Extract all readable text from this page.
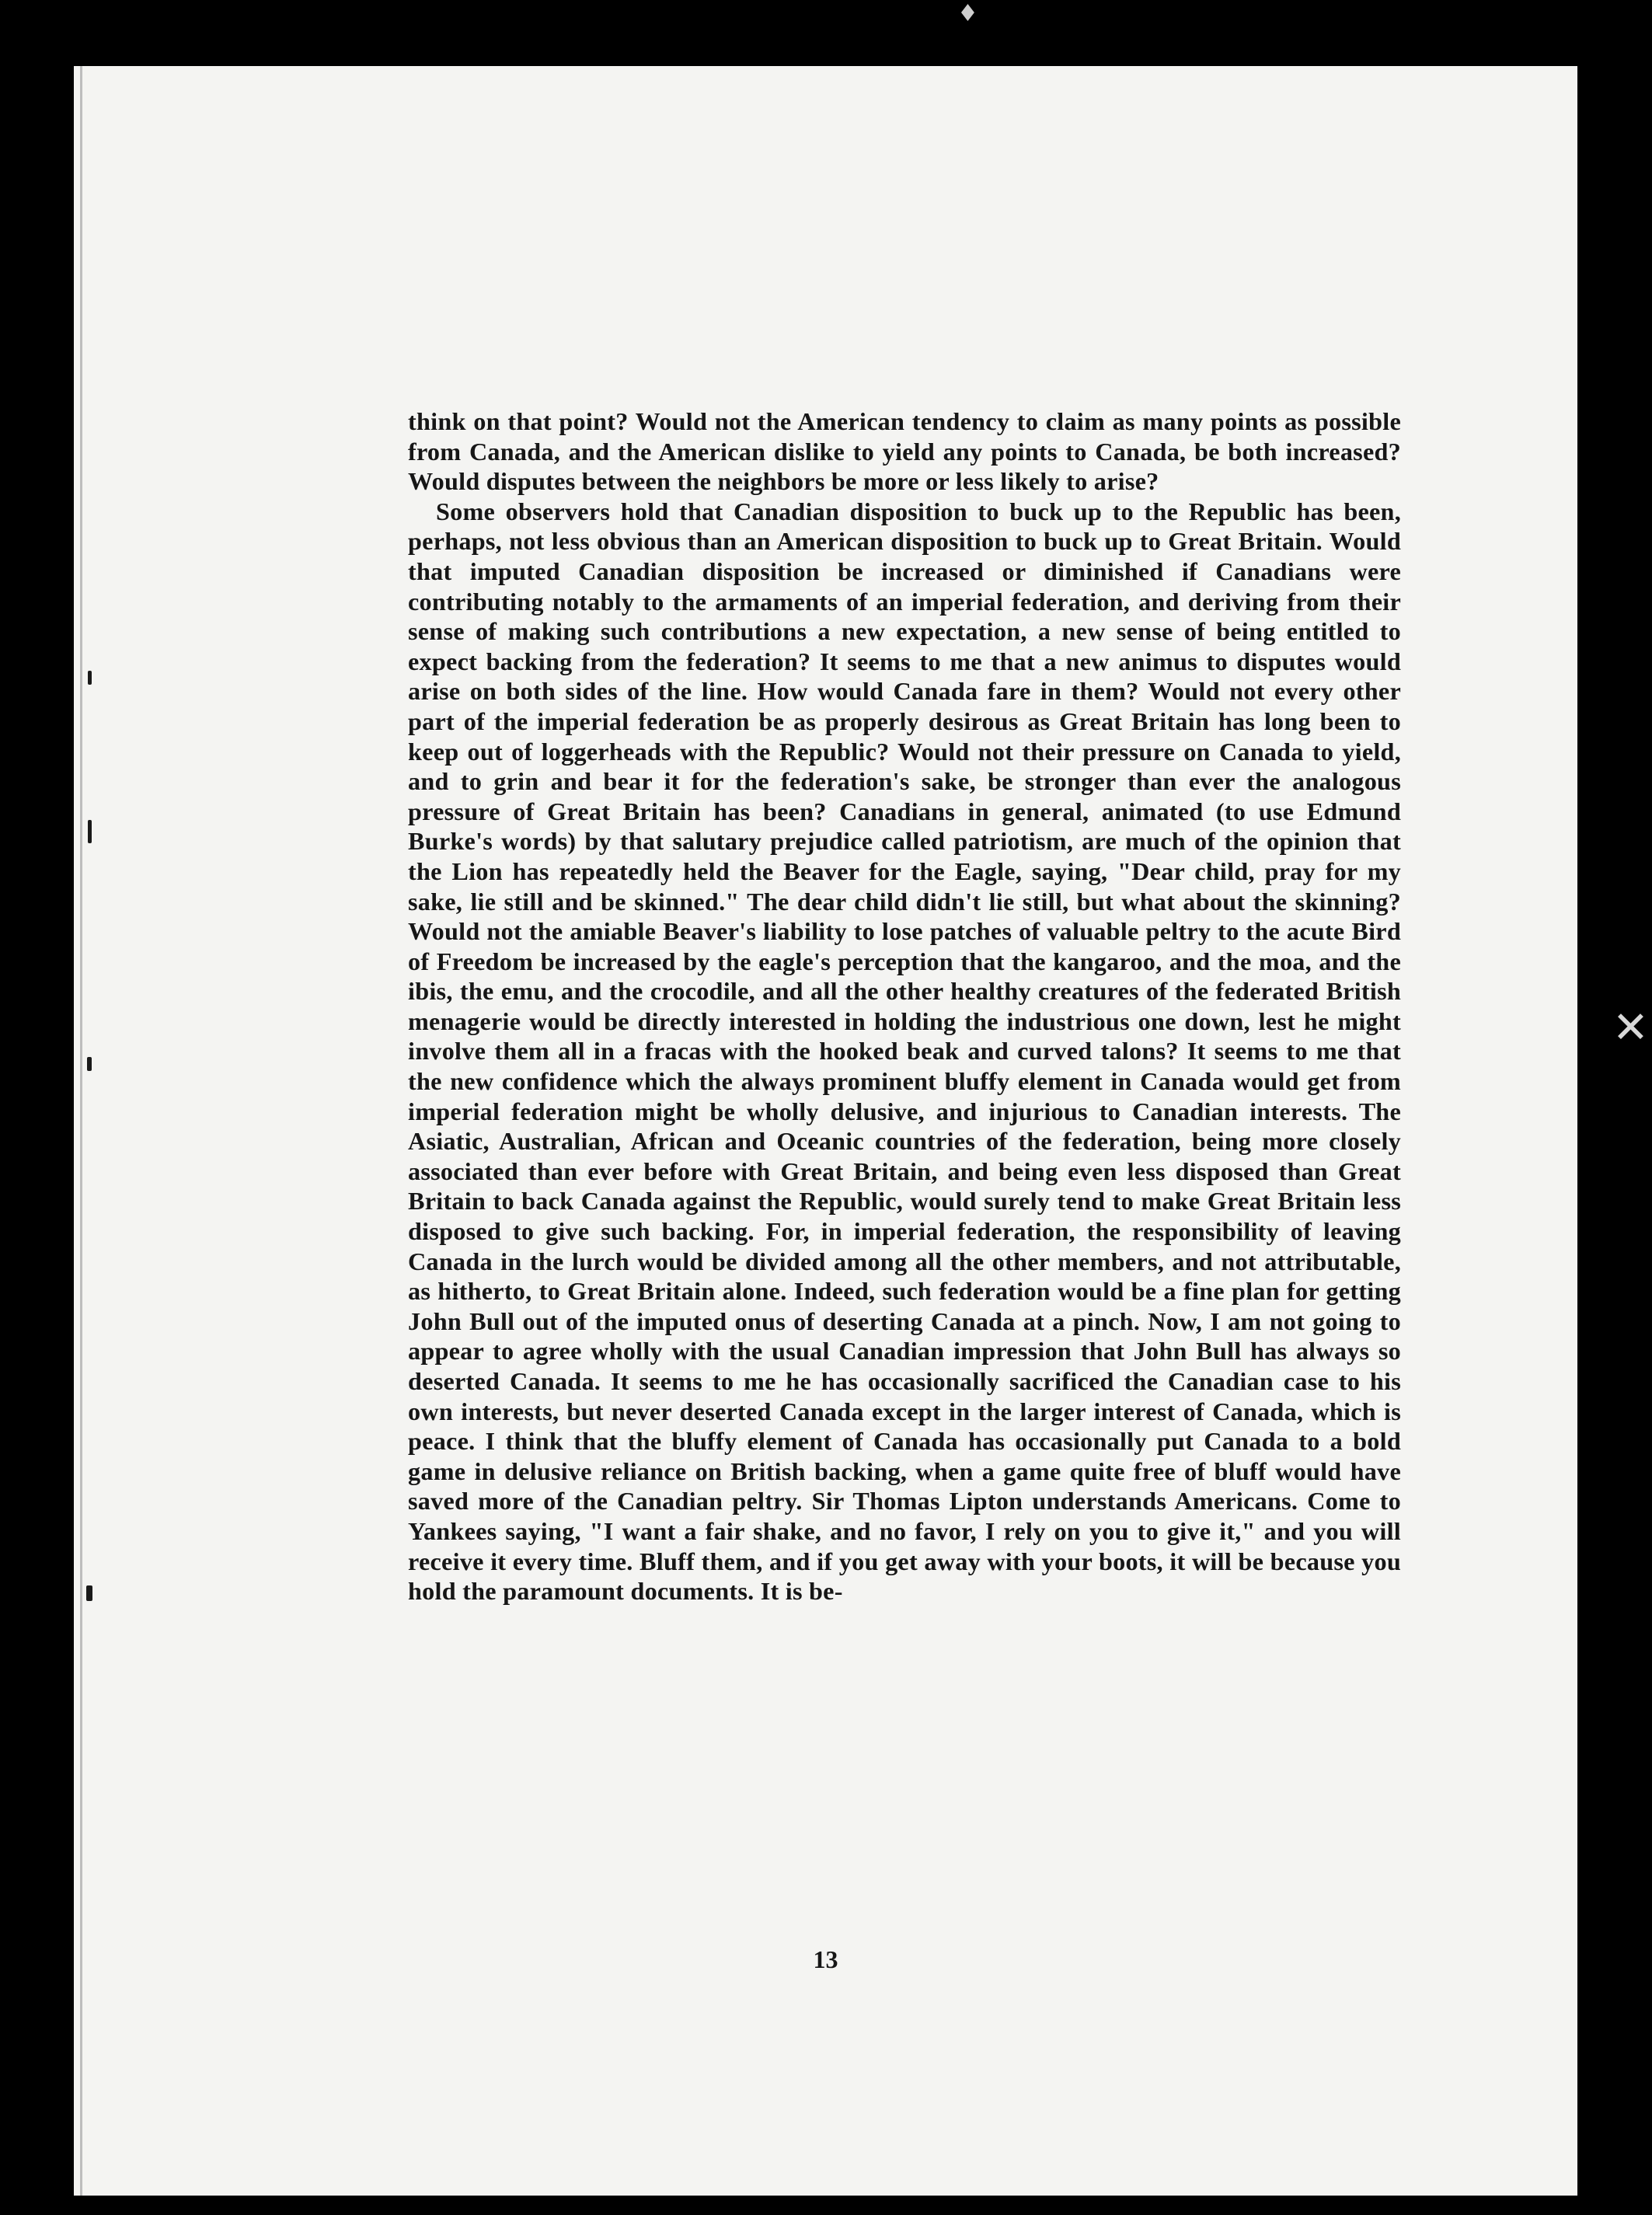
think on that point? Would not the American tendency to claim as many points as possible from Canada, and the American dislike to yield any points to Canada, be both increased? Would disputes between the neighbors be more or less likely to arise?

Some observers hold that Canadian disposition to buck up to the Republic has been, perhaps, not less obvious than an American disposition to buck up to Great Britain. Would that imputed Canadian disposition be increased or diminished if Canadians were contributing notably to the armaments of an imperial federation, and deriving from their sense of making such contributions a new expectation, a new sense of being entitled to expect backing from the federation? It seems to me that a new animus to disputes would arise on both sides of the line. How would Canada fare in them? Would not every other part of the imperial federation be as properly desirous as Great Britain has long been to keep out of loggerheads with the Republic? Would not their pressure on Canada to yield, and to grin and bear it for the federation's sake, be stronger than ever the analogous pressure of Great Britain has been? Canadians in general, animated (to use Edmund Burke's words) by that salutary prejudice called patriotism, are much of the opinion that the Lion has repeatedly held the Beaver for the Eagle, saying, "Dear child, pray for my sake, lie still and be skinned." The dear child didn't lie still, but what about the skinning? Would not the amiable Beaver's liability to lose patches of valuable peltry to the acute Bird of Freedom be increased by the eagle's perception that the kangaroo, and the moa, and the ibis, the emu, and the crocodile, and all the other healthy creatures of the federated British menagerie would be directly interested in holding the industrious one down, lest he might involve them all in a fracas with the hooked beak and curved talons? It seems to me that the new confidence which the always prominent bluffy element in Canada would get from imperial federation might be wholly delusive, and injurious to Canadian interests. The Asiatic, Australian, African and Oceanic countries of the federation, being more closely associated than ever before with Great Britain, and being even less disposed than Great Britain to back Canada against the Republic, would surely tend to make Great Britain less disposed to give such backing. For, in imperial federation, the responsibility of leaving Canada in the lurch would be divided among all the other members, and not attributable, as hitherto, to Great Britain alone. Indeed, such federation would be a fine plan for getting John Bull out of the imputed onus of deserting Canada at a pinch. Now, I am not going to appear to agree wholly with the usual Canadian impression that John Bull has always so deserted Canada. It seems to me he has occasionally sacrificed the Canadian case to his own interests, but never deserted Canada except in the larger interest of Canada, which is peace. I think that the bluffy element of Canada has occasionally put Canada to a bold game in delusive reliance on British backing, when a game quite free of bluff would have saved more of the Canadian peltry. Sir Thomas Lipton understands Americans. Come to Yankees saying, "I want a fair shake, and no favor, I rely on you to give it," and you will receive it every time. Bluff them, and if you get away with your boots, it will be because you hold the paramount documents. It is be-

13
✕
♦
